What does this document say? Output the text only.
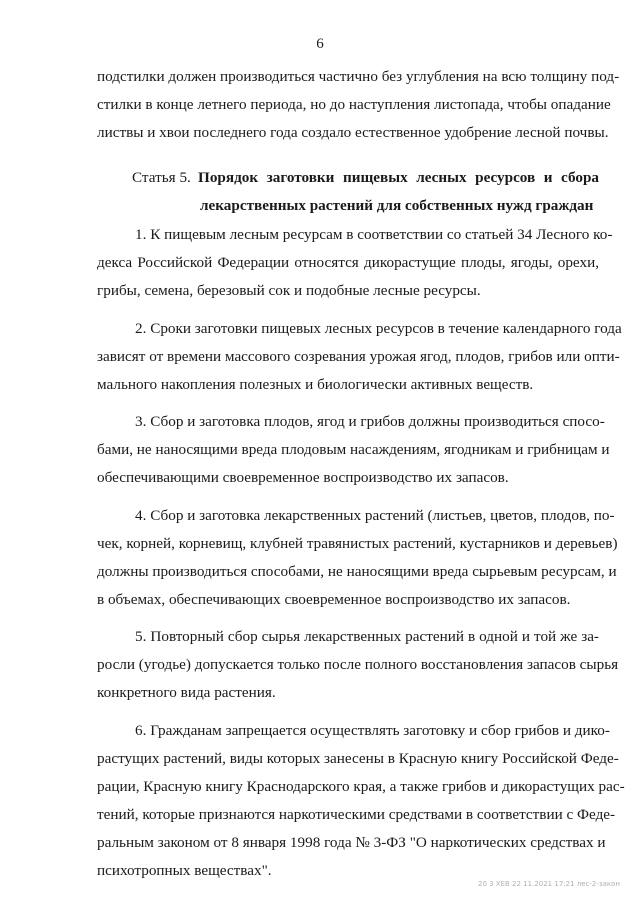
6
подстилки должен производиться частично без углубления на всю толщину под-
стилки в конце летнего периода, но до наступления листопада, чтобы опадание
листвы и хвои последнего года создало естественное удобрение лесной почвы.
Статья 5. Порядок заготовки пищевых лесных ресурсов и сбора
лекарственных растений для собственных нужд граждан
1. К пищевым лесным ресурсам в соответствии со статьей 34 Лесного ко-
декса Российской Федерации относятся дикорастущие плоды, ягоды, орехи,
грибы, семена, березовый сок и подобные лесные ресурсы.
2. Сроки заготовки пищевых лесных ресурсов в течение календарного года
зависят от времени массового созревания урожая ягод, плодов, грибов или опти-
мального накопления полезных и биологически активных веществ.
3. Сбор и заготовка плодов, ягод и грибов должны производиться спосо-
бами, не наносящими вреда плодовым насаждениям, ягодникам и грибницам и
обеспечивающими своевременное воспроизводство их запасов.
4. Сбор и заготовка лекарственных растений (листьев, цветов, плодов, по-
чек, корней, корневищ, клубней травянистых растений, кустарников и деревьев)
должны производиться способами, не наносящими вреда сырьевым ресурсам, и
в объемах, обеспечивающих своевременное воспроизводство их запасов.
5. Повторный сбор сырья лекарственных растений в одной и той же за-
росли (угодье) допускается только после полного восстановления запасов сырья
конкретного вида растения.
6. Гражданам запрещается осуществлять заготовку и сбор грибов и дико-
растущих растений, виды которых занесены в Красную книгу Российской Феде-
рации, Красную книгу Краснодарского края, а также грибов и дикорастущих рас-
тений, которые признаются наркотическими средствами в соответствии с Феде-
ральным законом от 8 января 1998 года № 3-ФЗ "О наркотических средствах и
психотропных веществах".
20 3 ХЕВ 22 11.2021 17:21 лес-2-закон
